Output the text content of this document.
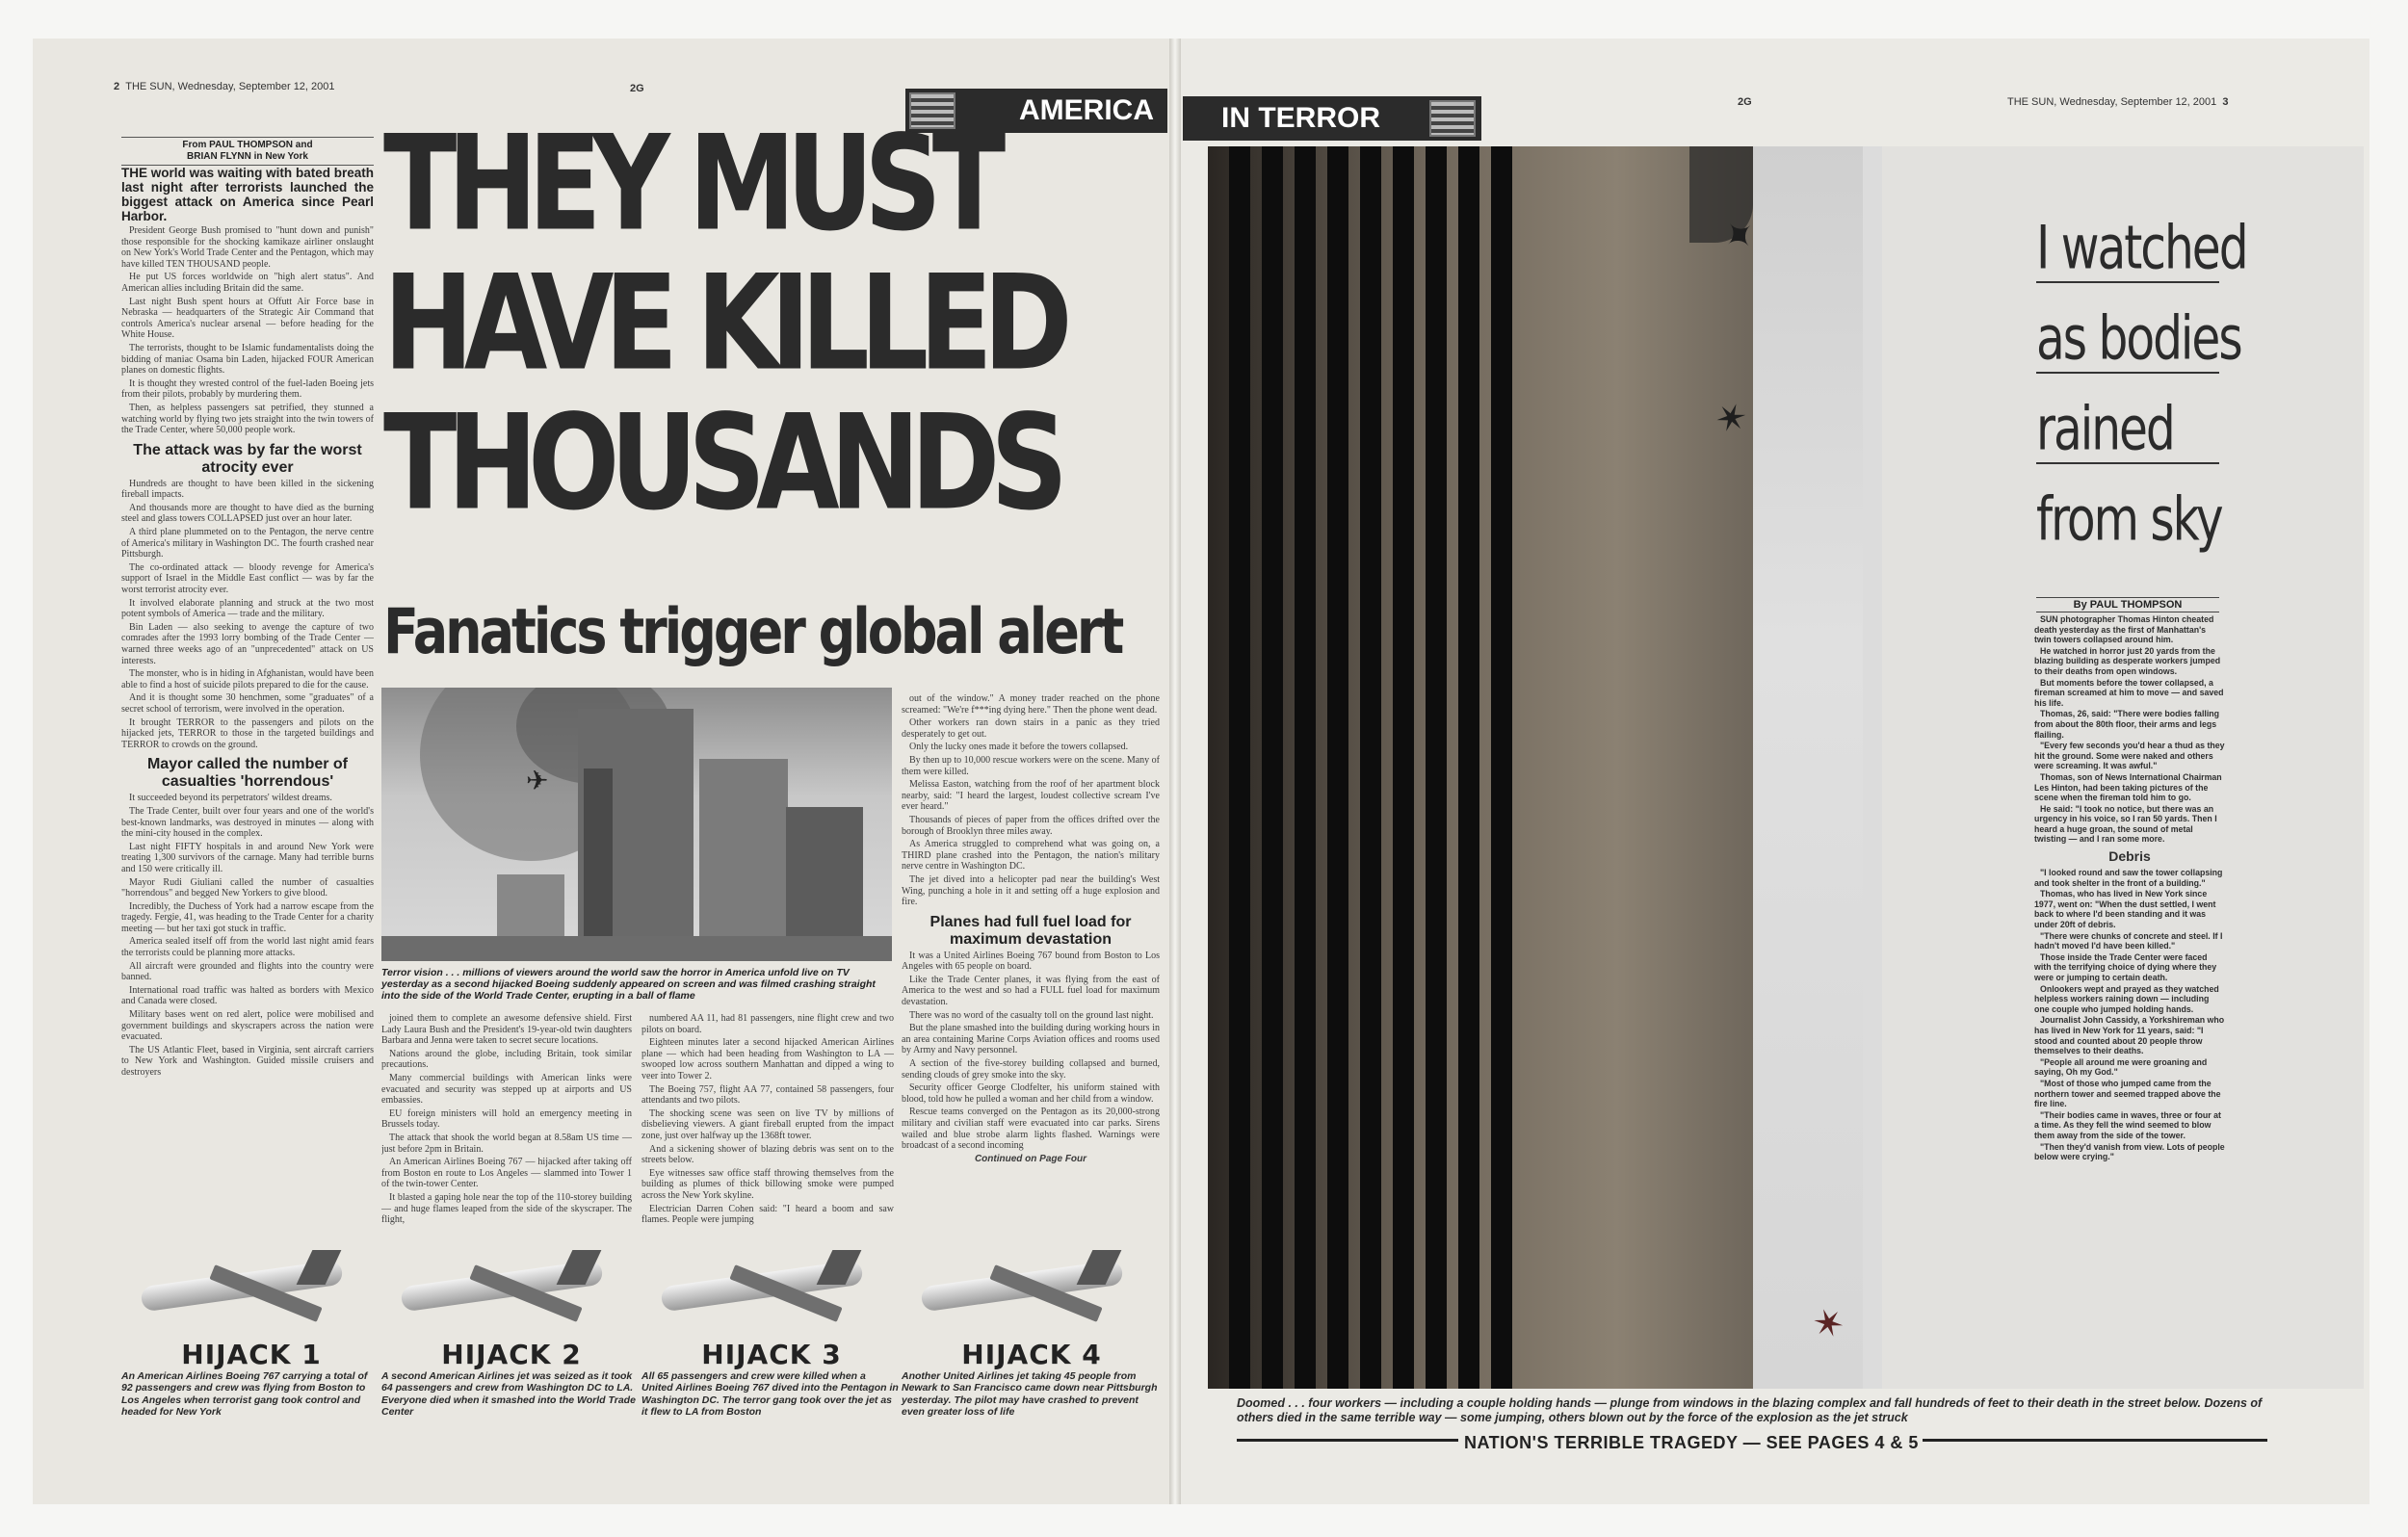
2 THE SUN, Wednesday, September 12, 2001	2G
AMERICA IN TERROR	2G	THE SUN, Wednesday, September 12, 2001 3
From PAUL THOMPSON and
BRIAN FLYNN in New York

THE world was waiting with bated breath last night after terrorists launched the biggest attack on America since Pearl Harbor.

President George Bush promised to "hunt down and punish" those responsible for the shocking kamikaze airliner onslaught on New York's World Trade Center and the Pentagon, which may have killed TEN THOUSAND people.

He put US forces worldwide on "high alert status". And American allies including Britain did the same.

Last night Bush spent hours at Offutt Air Force base in Nebraska — headquarters of the Strategic Air Command that controls America's nuclear arsenal — before heading for the White House.

The terrorists, thought to be Islamic fundamentalists doing the bidding of maniac Osama bin Laden, hijacked FOUR American planes on domestic flights.

It is thought they wrested control of the fuel-laden Boeing jets from their pilots, probably by murdering them.

Then, as helpless passengers sat petrified, they stunned a watching world by flying two jets straight into the twin towers of the Trade Center, where 50,000 people work.

The attack was by far the worst atrocity ever

Hundreds are thought to have been killed in the sickening fireball impacts.

And thousands more are thought to have died as the burning steel and glass towers COLLAPSED just over an hour later.

A third plane plummeted on to the Pentagon, the nerve centre of America's military in Washington DC. The fourth crashed near Pittsburgh.

The co-ordinated attack — bloody revenge for America's support of Israel in the Middle East conflict — was by far the worst terrorist atrocity ever.

It involved elaborate planning and struck at the two most potent symbols of America — trade and the military.

Bin Laden — also seeking to avenge the capture of two comrades after the 1993 lorry bombing of the Trade Center — warned three weeks ago of an "unprecedented" attack on US interests.

The monster, who is in hiding in Afghanistan, would have been able to find a host of suicide pilots prepared to die for the cause.

And it is thought some 30 henchmen, some "graduates" of a secret school of terrorism, were involved in the operation.

It brought TERROR to the passengers and pilots on the hijacked jets, TERROR to those in the targeted buildings and TERROR to crowds on the ground.

Mayor called the number of casualties 'horrendous'

It succeeded beyond its perpetrators' wildest dreams.

The Trade Center, built over four years and one of the world's best-known landmarks, was destroyed in minutes — along with the mini-city housed in the complex.

Last night FIFTY hospitals in and around New York were treating 1,300 survivors of the carnage. Many had terrible burns and 150 were critically ill.

Mayor Rudi Giuliani called the number of casualties "horrendous" and begged New Yorkers to give blood.

Incredibly, the Duchess of York had a narrow escape from the tragedy. Fergie, 41, was heading to the Trade Center for a charity meeting — but her taxi got stuck in traffic.

America sealed itself off from the world last night amid fears the terrorists could be planning more attacks.

All aircraft were grounded and flights into the country were banned.

International road traffic was halted as borders with Mexico and Canada were closed.

Military bases went on red alert, police were mobilised and government buildings and skyscrapers across the nation were evacuated.

The US Atlantic Fleet, based in Virginia, sent aircraft carriers to New York and Washington. Guided missile cruisers and destroyers

THEY MUST
HAVE KILLED
THOUSANDS
Fanatics trigger global alert
✈
Terror vision . . . millions of viewers around the world saw the horror in America unfold live on TV yesterday as a second hijacked Boeing suddenly appeared on screen and was filmed crashing straight into the side of the World Trade Center, erupting in a ball of flame

joined them to complete an awesome defensive shield. First Lady Laura Bush and the President's 19-year-old twin daughters Barbara and Jenna were taken to secret secure locations.

Nations around the globe, including Britain, took similar precautions.

Many commercial buildings with American links were evacuated and security was stepped up at airports and US embassies.

EU foreign ministers will hold an emergency meeting in Brussels today.

The attack that shook the world began at 8.58am US time — just before 2pm in Britain.

An American Airlines Boeing 767 — hijacked after taking off from Boston en route to Los Angeles — slammed into Tower 1 of the twin-tower Center.

It blasted a gaping hole near the top of the 110-storey building — and huge flames leaped from the side of the skyscraper. The flight,

numbered AA 11, had 81 passengers, nine flight crew and two pilots on board.

Eighteen minutes later a second hijacked American Airlines plane — which had been heading from Washington to LA — swooped low across southern Manhattan and dipped a wing to veer into Tower 2.

The Boeing 757, flight AA 77, contained 58 passengers, four attendants and two pilots.

The shocking scene was seen on live TV by millions of disbelieving viewers. A giant fireball erupted from the impact zone, just over halfway up the 1368ft tower.

And a sickening shower of blazing debris was sent on to the streets below.

Eye witnesses saw office staff throwing themselves from the building as plumes of thick billowing smoke were pumped across the New York skyline.

Electrician Darren Cohen said: "I heard a boom and saw flames. People were jumping

out of the window." A money trader reached on the phone screamed: "We're f***ing dying here." Then the phone went dead.

Other workers ran down stairs in a panic as they tried desperately to get out.

Only the lucky ones made it before the towers collapsed.

By then up to 10,000 rescue workers were on the scene. Many of them were killed.

Melissa Easton, watching from the roof of her apartment block nearby, said: "I heard the largest, loudest collective scream I've ever heard."

Thousands of pieces of paper from the offices drifted over the borough of Brooklyn three miles away.

As America struggled to comprehend what was going on, a THIRD plane crashed into the Pentagon, the nation's military nerve centre in Washington DC.

The jet dived into a helicopter pad near the building's West Wing, punching a hole in it and setting off a huge explosion and fire.

Planes had full fuel load for maximum devastation

It was a United Airlines Boeing 767 bound from Boston to Los Angeles with 65 people on board.

Like the Trade Center planes, it was flying from the east of America to the west and so had a FULL fuel load for maximum devastation.

There was no word of the casualty toll on the ground last night.

But the plane smashed into the building during working hours in an area containing Marine Corps Aviation offices and rooms used by Army and Navy personnel.

A section of the five-storey building collapsed and burned, sending clouds of grey smoke into the sky.

Security officer George Clodfelter, his uniform stained with blood, told how he pulled a woman and her child from a window.

Rescue teams converged on the Pentagon as its 20,000-strong military and civilian staff were evacuated into car parks. Sirens wailed and blue strobe alarm lights flashed. Warnings were broadcast of a second incoming

Continued on Page Four

HIJACK 1	HIJACK 2	HIJACK 3	HIJACK 4
An American Airlines Boeing 767 carrying a total of 92 passengers and crew was flying from Boston to Los Angeles when terrorist gang took control and headed for New York
A second American Airlines jet was seized as it took 64 passengers and crew from Washington DC to LA. Everyone died when it smashed into the World Trade Center
All 65 passengers and crew were killed when a United Airlines Boeing 767 dived into the Pentagon in Washington DC. The terror gang took over the jet as it flew to LA from Boston
Another United Airlines jet taking 45 people from Newark to San Francisco came down near Pittsburgh yesterday. The pilot may have crashed to prevent even greater loss of life
✦
✶
✶
I watched
as bodies
rained
from sky
By PAUL THOMPSON

SUN photographer Thomas Hinton cheated death yesterday as the first of Manhattan's twin towers collapsed around him.

He watched in horror just 20 yards from the blazing building as desperate workers jumped to their deaths from open windows.

But moments before the tower collapsed, a fireman screamed at him to move — and saved his life.

Thomas, 26, said: "There were bodies falling from about the 80th floor, their arms and legs flailing.

"Every few seconds you'd hear a thud as they hit the ground. Some were naked and others were screaming. It was awful."

Thomas, son of News International Chairman Les Hinton, had been taking pictures of the scene when the fireman told him to go.

He said: "I took no notice, but there was an urgency in his voice, so I ran 50 yards. Then I heard a huge groan, the sound of metal twisting — and I ran some more.

Debris

"I looked round and saw the tower collapsing and took shelter in the front of a building."

Thomas, who has lived in New York since 1977, went on: "When the dust settled, I went back to where I'd been standing and it was under 20ft of debris.

"There were chunks of concrete and steel. If I hadn't moved I'd have been killed."

Those inside the Trade Center were faced with the terrifying choice of dying where they were or jumping to certain death.

Onlookers wept and prayed as they watched helpless workers raining down — including one couple who jumped holding hands.

Journalist John Cassidy, a Yorkshireman who has lived in New York for 11 years, said: "I stood and counted about 20 people throw themselves to their deaths.

"People all around me were groaning and saying, Oh my God."

"Most of those who jumped came from the northern tower and seemed trapped above the fire line.

"Their bodies came in waves, three or four at a time. As they fell the wind seemed to blow them away from the side of the tower.

"Then they'd vanish from view. Lots of people below were crying."

Doomed . . . four workers — including a couple holding hands — plunge from windows in the blazing complex and fall hundreds of feet to their death in the street below. Dozens of others died in the same terrible way — some jumping, others blown out by the force of the explosion as the jet struck
NATION'S TERRIBLE TRAGEDY — SEE PAGES 4 & 5
